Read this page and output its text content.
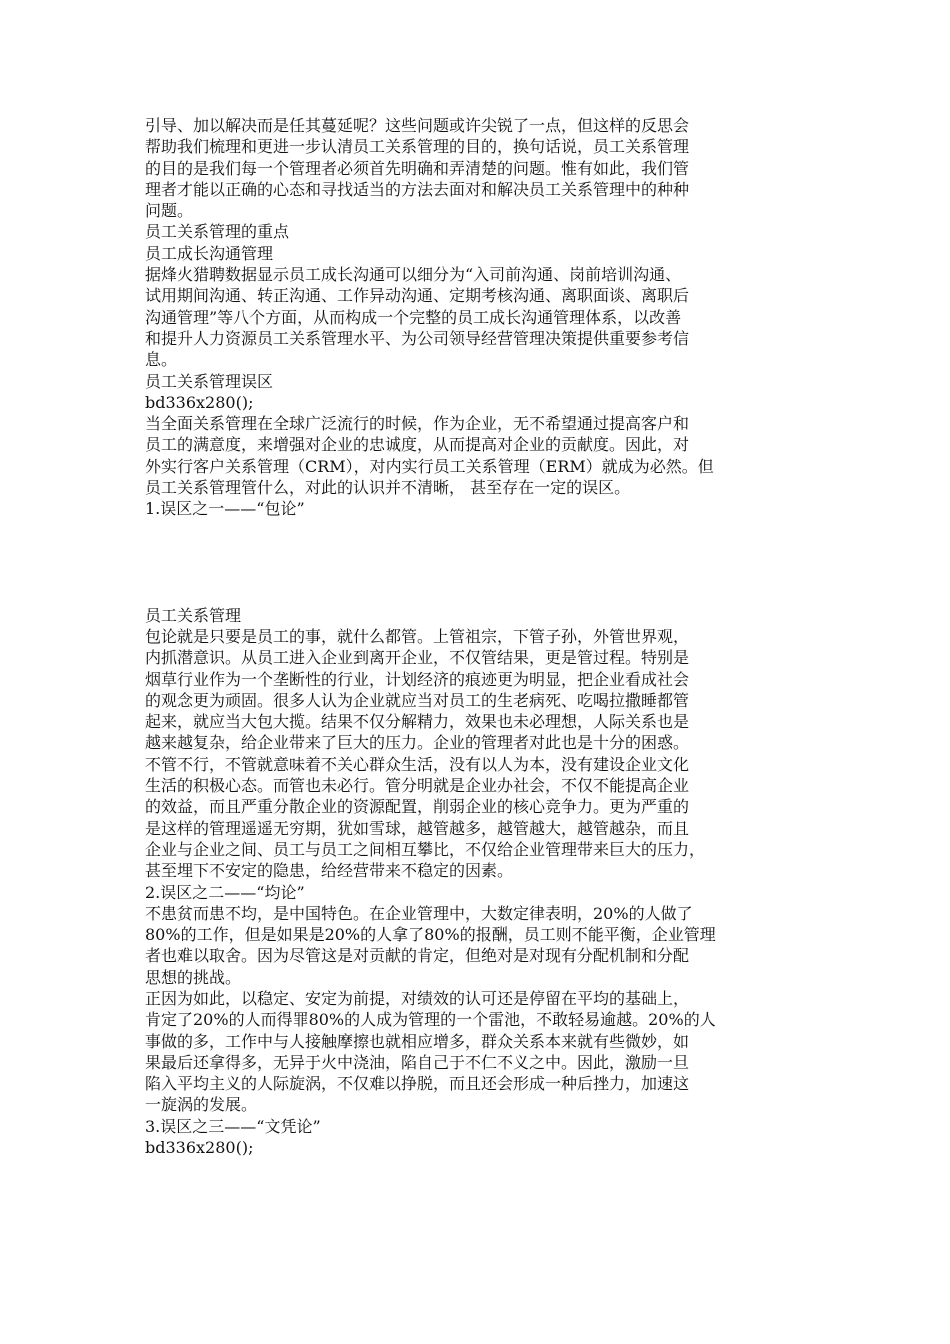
引导、加以解决而是任其蔓延呢？这些问题或许尖锐了一点，但这样的反思会
帮助我们梳理和更进一步认清员工关系管理的目的，换句话说，员工关系管理
的目的是我们每一个管理者必须首先明确和弄清楚的问题。惟有如此，我们管
理者才能以正确的心态和寻找适当的方法去面对和解决员工关系管理中的种种
问题。
员工关系管理的重点
员工成长沟通管理
据烽火猎聘数据显示员工成长沟通可以细分为“入司前沟通、岗前培训沟通、
试用期间沟通、转正沟通、工作异动沟通、定期考核沟通、离职面谈、离职后
沟通管理”等八个方面，从而构成一个完整的员工成长沟通管理体系，以改善
和提升人力资源员工关系管理水平、为公司领导经营管理决策提供重要参考信
息。
员工关系管理误区
bd336x280();
当全面关系管理在全球广泛流行的时候，作为企业，无不希望通过提高客户和
员工的满意度，来增强对企业的忠诚度，从而提高对企业的贡献度。因此，对
外实行客户关系管理（CRM），对内实行员工关系管理（ERM）就成为必然。但
员工关系管理管什么，对此的认识并不清晰， 甚至存在一定的误区。
1.误区之一——“包论”
员工关系管理
包论就是只要是员工的事，就什么都管。上管祖宗，下管子孙，外管世界观，
内抓潜意识。从员工进入企业到离开企业，不仅管结果，更是管过程。特别是
烟草行业作为一个垄断性的行业，计划经济的痕迹更为明显，把企业看成社会
的观念更为顽固。很多人认为企业就应当对员工的生老病死、吃喝拉撒睡都管
起来，就应当大包大揽。结果不仅分解精力，效果也未必理想，人际关系也是
越来越复杂，给企业带来了巨大的压力。企业的管理者对此也是十分的困惑。
不管不行，不管就意味着不关心群众生活，没有以人为本，没有建设企业文化
生活的积极心态。而管也未必行。管分明就是企业办社会，不仅不能提高企业
的效益，而且严重分散企业的资源配置，削弱企业的核心竞争力。更为严重的
是这样的管理遥遥无穷期，犹如雪球，越管越多，越管越大，越管越杂，而且
企业与企业之间、员工与员工之间相互攀比，不仅给企业管理带来巨大的压力，
甚至埋下不安定的隐患，给经营带来不稳定的因素。
2.误区之二——“均论”
不患贫而患不均，是中国特色。在企业管理中，大数定律表明，20%的人做了
80%的工作，但是如果是20%的人拿了80%的报酬，员工则不能平衡，企业管理
者也难以取舍。因为尽管这是对贡献的肯定，但绝对是对现有分配机制和分配
思想的挑战。
正因为如此，以稳定、安定为前提，对绩效的认可还是停留在平均的基础上，
肯定了20%的人而得罪80%的人成为管理的一个雷池，不敢轻易逾越。20%的人
事做的多，工作中与人接触摩擦也就相应增多，群众关系本来就有些微妙，如
果最后还拿得多，无异于火中浇油，陷自己于不仁不义之中。因此，激励一旦
陷入平均主义的人际旋涡，不仅难以挣脱，而且还会形成一种后挫力，加速这
一旋涡的发展。
3.误区之三——“文凭论”
bd336x280();
